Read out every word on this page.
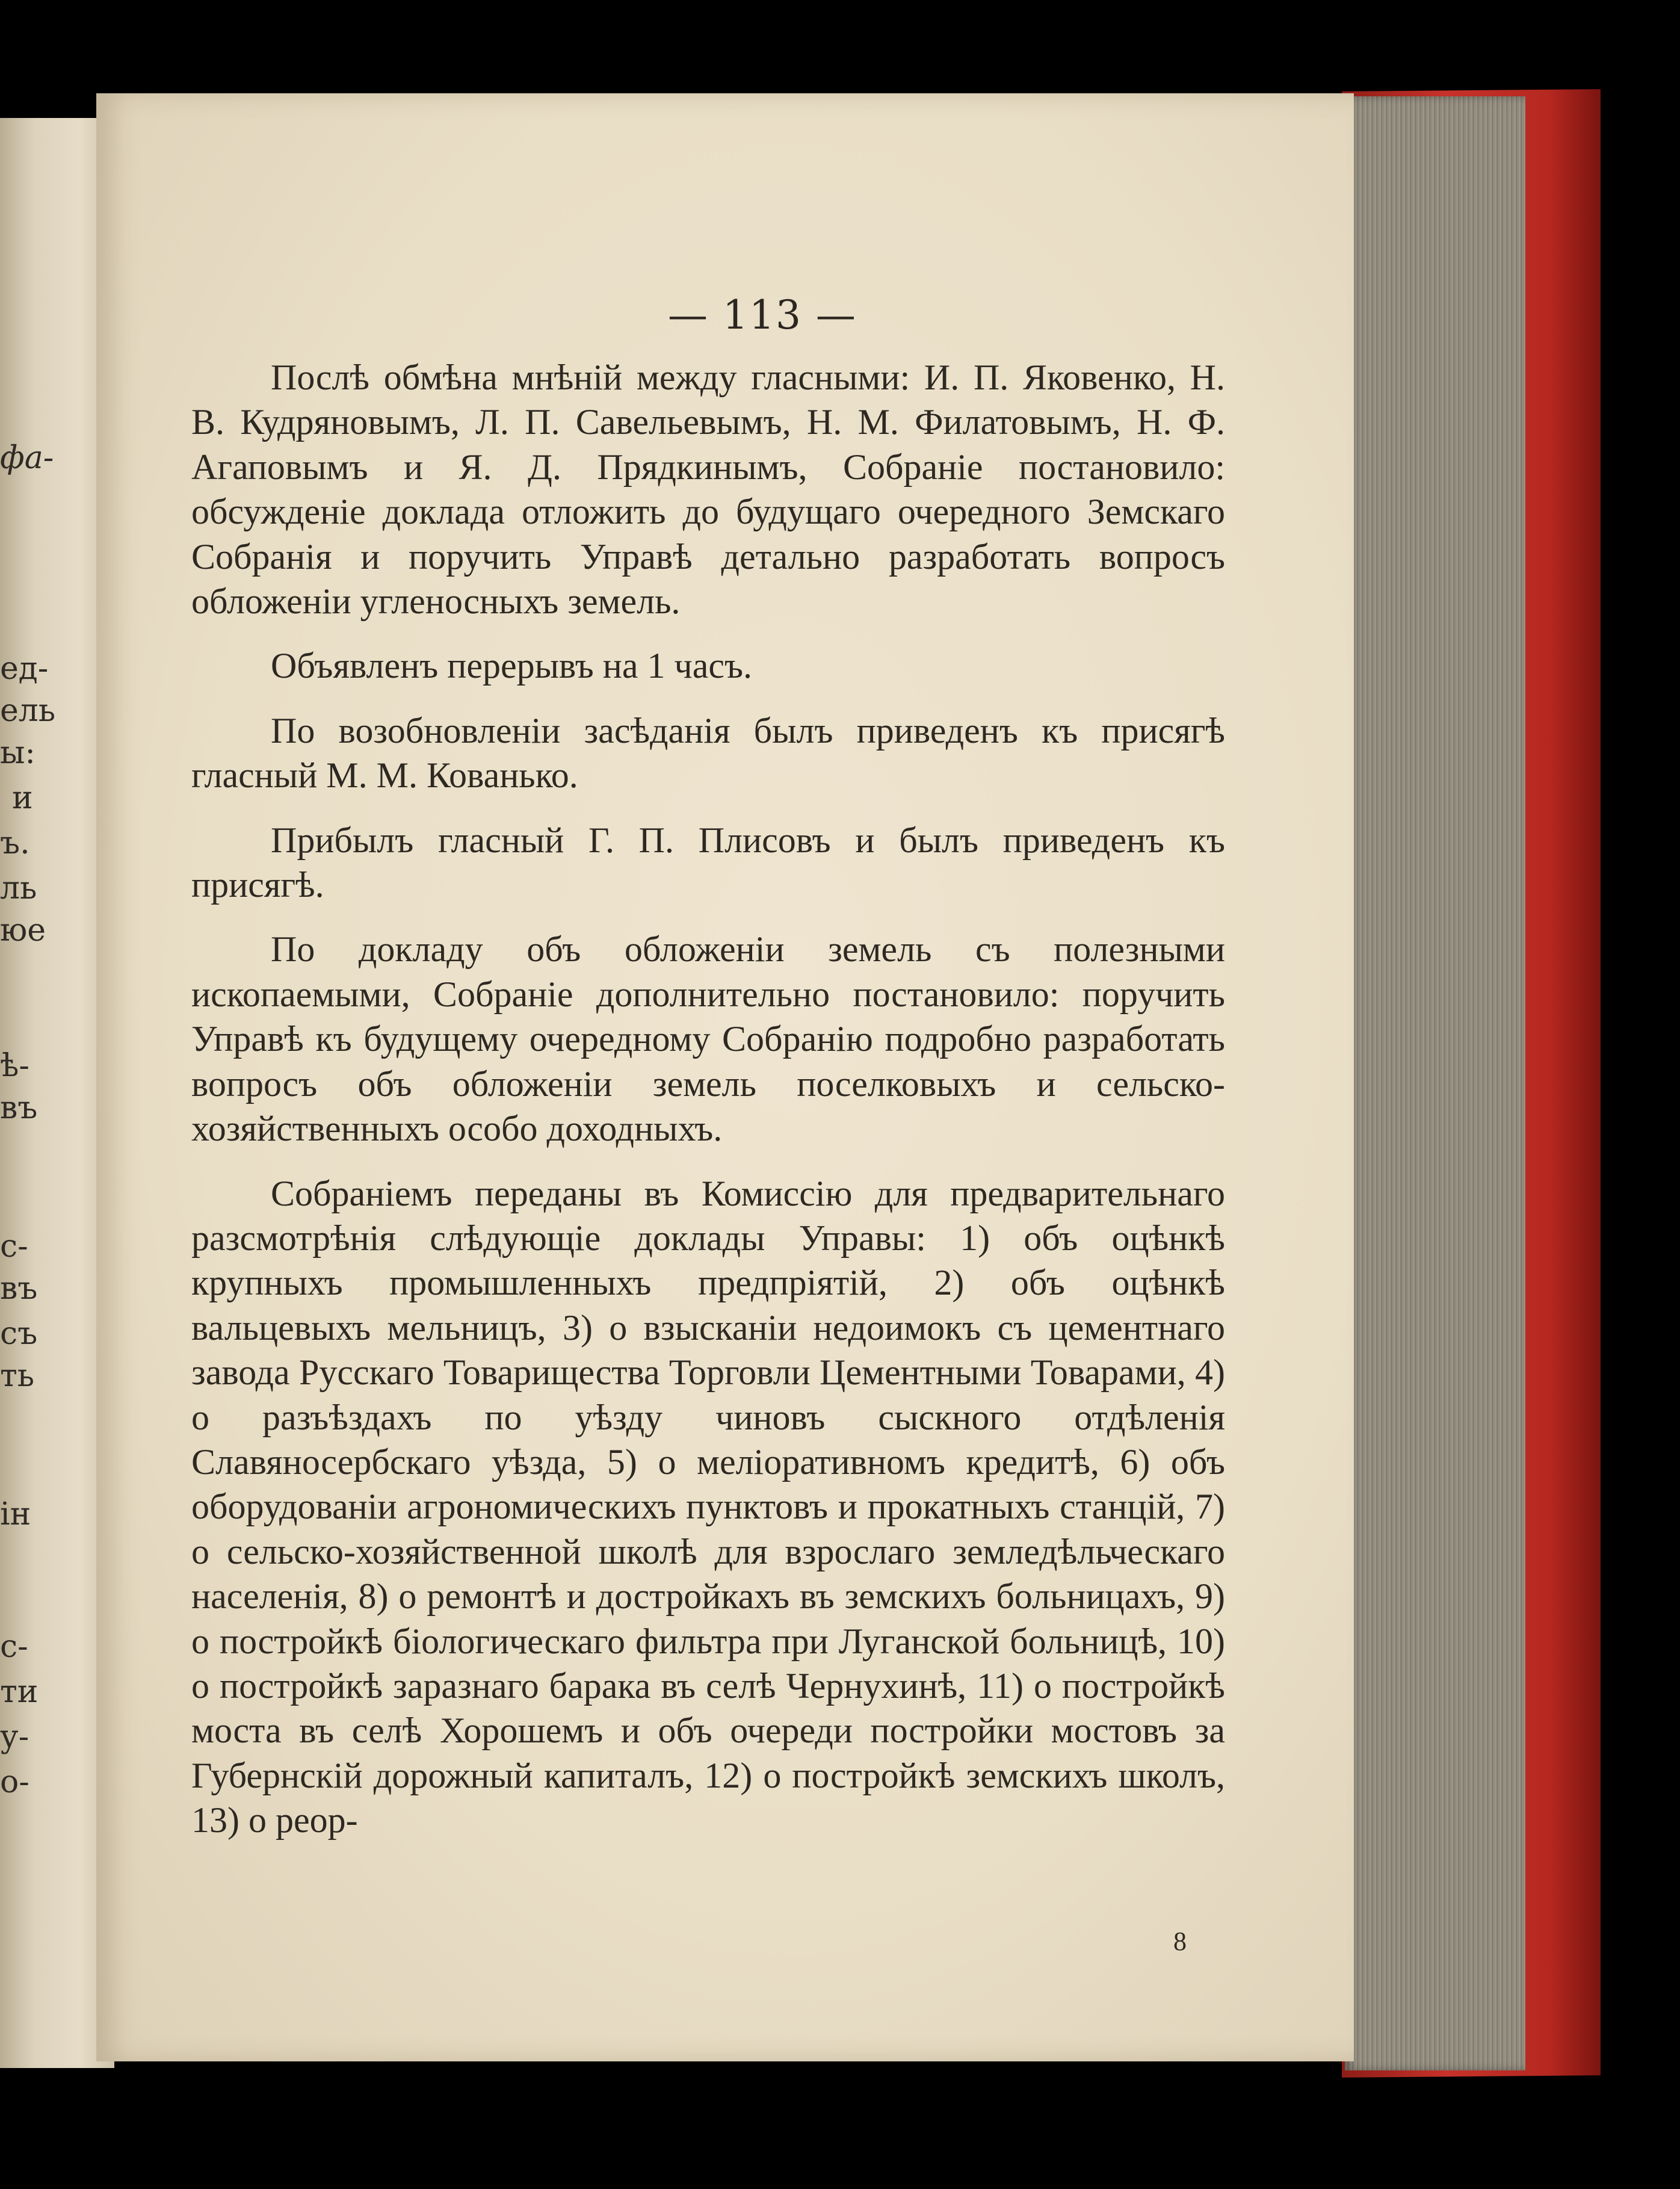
фа-
ед-
ель
ы:
и
ъ.
ль
юе
ѣ-
въ
с-
въ
съ
ть
ін
с-
ти
у-
о-
— 113 —

Послѣ обмѣна мнѣній между гласными: И. П. Яковенко, Н. В. Кудряновымъ, Л. П. Савельевымъ, Н. М. Филатовымъ, Н. Ф. Агаповымъ и Я. Д. Прядкинымъ, Собраніе постановило: обсужденіе доклада отложить до будущаго очередного Земскаго Собранія и поручить Управѣ детально разработать вопросъ обложеніи угленосныхъ земель.

Объявленъ перерывъ на 1 часъ.

По возобновленіи засѣданія былъ приведенъ къ присягѣ гласный М. М. Кованько.

Прибылъ гласный Г. П. Плисовъ и былъ приведенъ къ присягѣ.

По докладу объ обложеніи земель съ полезными ископаемыми, Собраніе дополнительно постановило: поручить Управѣ къ будущему очередному Собранію подробно разработать вопросъ объ обложеніи земель поселковыхъ и сельско-хозяйственныхъ особо доходныхъ.

Собраніемъ переданы въ Комиссію для предварительнаго разсмотрѣнія слѣдующіе доклады Управы: 1) объ оцѣнкѣ крупныхъ промышленныхъ предпріятій, 2) объ оцѣнкѣ вальцевыхъ мельницъ, 3) о взысканіи недоимокъ съ цементнаго завода Русскаго Товарищества Торговли Цементными Товарами, 4) о разъѣздахъ по уѣзду чиновъ сыскного отдѣленія Славяносербскаго уѣзда, 5) о меліоративномъ кредитѣ, 6) объ оборудованіи агрономическихъ пунктовъ и прокатныхъ станцій, 7) о сельско-хозяйственной школѣ для взрослаго земледѣльческаго населенія, 8) о ремонтѣ и достройкахъ въ земскихъ больницахъ, 9) о постройкѣ біологическаго фильтра при Луганской больницѣ, 10) о постройкѣ заразнаго барака въ селѣ Чернухинѣ, 11) о постройкѣ моста въ селѣ Хорошемъ и объ очереди постройки мостовъ за Губернскій дорожный капиталъ, 12) о постройкѣ земскихъ школъ, 13) о реор-

8
